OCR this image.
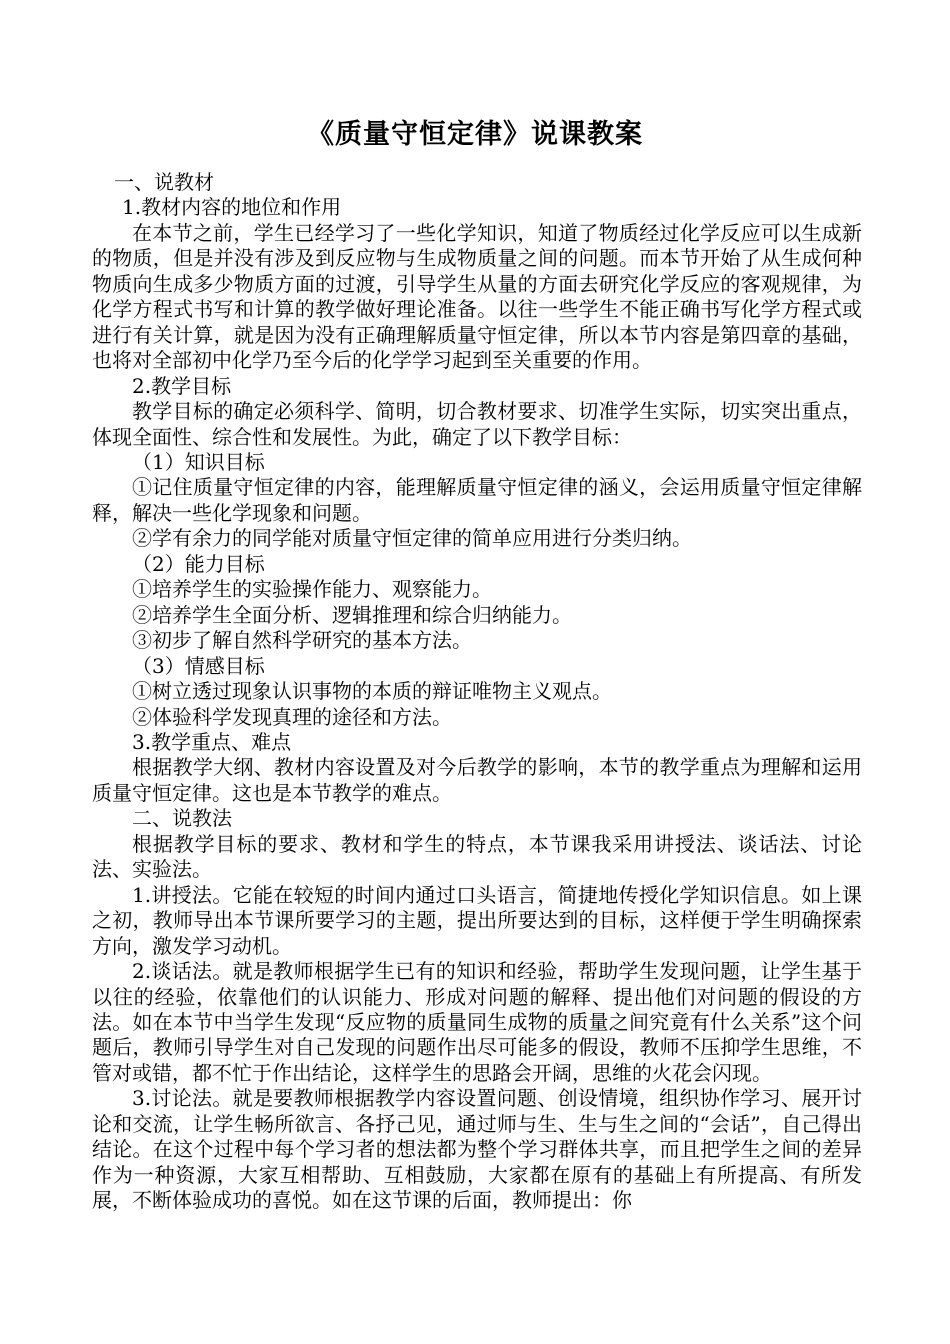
《质量守恒定律》说课教案

一、说教材

1.教材内容的地位和作用

在本节之前，学生已经学习了一些化学知识，知道了物质经过化学反应可以生成新的物质，但是并没有涉及到反应物与生成物质量之间的问题。而本节开始了从生成何种物质向生成多少物质方面的过渡，引导学生从量的方面去研究化学反应的客观规律，为化学方程式书写和计算的教学做好理论准备。以往一些学生不能正确书写化学方程式或进行有关计算，就是因为没有正确理解质量守恒定律，所以本节内容是第四章的基础，也将对全部初中化学乃至今后的化学学习起到至关重要的作用。

2.教学目标

教学目标的确定必须科学、简明，切合教材要求、切准学生实际，切实突出重点，体现全面性、综合性和发展性。为此，确定了以下教学目标：

（1）知识目标

①记住质量守恒定律的内容，能理解质量守恒定律的涵义，会运用质量守恒定律解释，解决一些化学现象和问题。

②学有余力的同学能对质量守恒定律的简单应用进行分类归纳。

（2）能力目标

①培养学生的实验操作能力、观察能力。

②培养学生全面分析、逻辑推理和综合归纳能力。

③初步了解自然科学研究的基本方法。

（3）情感目标

①树立透过现象认识事物的本质的辩证唯物主义观点。

②体验科学发现真理的途径和方法。

3.教学重点、难点

根据教学大纲、教材内容设置及对今后教学的影响，本节的教学重点为理解和运用质量守恒定律。这也是本节教学的难点。

二、说教法

根据教学目标的要求、教材和学生的特点，本节课我采用讲授法、谈话法、讨论法、实验法。

1.讲授法。它能在较短的时间内通过口头语言，简捷地传授化学知识信息。如上课之初，教师导出本节课所要学习的主题，提出所要达到的目标，这样便于学生明确探索方向，激发学习动机。

2.谈话法。就是教师根据学生已有的知识和经验，帮助学生发现问题，让学生基于以往的经验，依靠他们的认识能力、形成对问题的解释、提出他们对问题的假设的方法。如在本节中当学生发现“反应物的质量同生成物的质量之间究竟有什么关系”这个问题后，教师引导学生对自己发现的问题作出尽可能多的假设，教师不压抑学生思维，不管对或错，都不忙于作出结论，这样学生的思路会开阔，思维的火花会闪现。

3.讨论法。就是要教师根据教学内容设置问题、创设情境，组织协作学习、展开讨论和交流，让学生畅所欲言、各抒己见，通过师与生、生与生之间的“会话”，自己得出结论。在这个过程中每个学习者的想法都为整个学习群体共享，而且把学生之间的差异作为一种资源，大家互相帮助、互相鼓励，大家都在原有的基础上有所提高、有所发展，不断体验成功的喜悦。如在这节课的后面，教师提出：你
